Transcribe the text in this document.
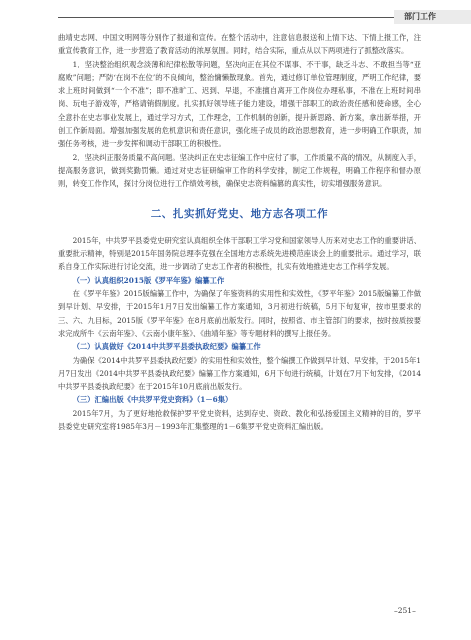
部门工作

曲靖史志网、中国文明网等分别作了报道和宣传。在整个活动中，注意信息报送和上情下达、下情上报工作，注重宣传教育工作，进一步营造了教育活动的浓厚氛围。同时，结合实际，重点从以下两项进行了抓整改落实。

1．坚决整治组织观念淡薄和纪律松散等问题，坚决向正在其位不谋事、不干事，缺乏斗志、不敢担当等“亚腐败”问题；严防‘在岗不在位’的不良倾向，整治慵懒散现象。首先，通过修订单位管理制度，严明工作纪律，要求上班时间做到“一个不准”；即不准旷工、迟到、早退，不准擅自离开工作岗位办理私事，不准在上班时间串岗、玩电子游戏等，严格请销假制度。扎实抓好领导班子能力建设，增强干部职工的政治责任感和使命感，全心全意扑在史志事业发展上，通过学习方式，工作理念，工作机制的创新，提升新思路、新方案，拿出新举措，开创工作新局面。增强加强发展的危机意识和责任意识，强化班子成员的政治思想教育，进一步明确工作职责，加强任务考核，进一步发挥和调动干部职工的积极性。

2．坚决纠正服务质量不高问题。坚决纠正在史志征编工作中应付了事，工作质量不高的情况，从制度入手，提高服务意识，做到奖勤罚懒。通过对史志征研编审工作的科学安排，制定工作规程，明确工作程序和督办原则，转变工作作风，探讨分岗位进行工作绩效考核，确保史志资料编篡的真实性，切实增强服务意识。

二、扎实抓好党史、地方志各项工作

2015年，中共罗平县委党史研究室认真组织全体干部职工学习党和国家领导人历来对史志工作的重要讲话、重要批示精神，特别是2015年国务院总理李克强在全国地方志系统先进模范座谈会上的重要批示。通过学习，联系自身工作实际进行讨论交流，进一步调动了史志工作者的积极性，扎实有效地推进史志工作科学发展。

（一）认真组织2015版《罗平年鉴》编纂工作

在《罗平年鉴》2015版编纂工作中，为确保了年鉴资料的实用性和实效性，《罗平年鉴》2015版编纂工作做到早计划、早安排，于2015年1月7日发出编纂工作方案通知，3月初进行统稿，5月下旬复审，按市里要求的三、六、九目标，2015版《罗平年鉴》在8月底前出版发行。同时，按照省、市主管部门的要求，按时按质按要求完成所牛《云南年鉴》、《云南小康年鉴》、《曲靖年鉴》等专题材料的撰写上报任务。

（二）认真做好《2014中共罗平县委执政纪要》编纂工作

为确保《2014中共罗平县委执政纪要》的实用性和实效性，整个编撰工作做到早计划、早安排，于2015年1月7日发出《2014中共罗平县委执政纪要》编纂工作方案通知，6月下旬进行统稿，计划在7月下旬发排，《2014中共罗平县委执政纪要》在于2015年10月底前出版发行。

（三）汇编出版《中共罗平党史资料》（1－6集）

2015年7月，为了更好地抢救保护罗平党史资料，达到存史、资政、教化和弘扬爱国主义精神的目的，罗平县委党史研究室将1985年3月－1993年汇集整理的1－6集罗平党史资料汇编出版。

–251–
